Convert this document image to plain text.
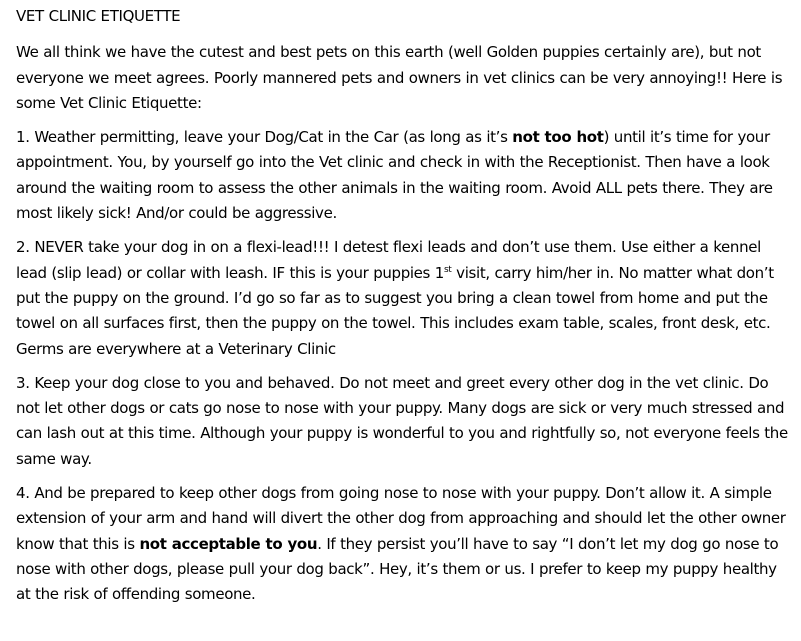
VET CLINIC ETIQUETTE

We all think we have the cutest and best pets on this earth (well Golden puppies certainly are), but not everyone we meet agrees. Poorly mannered pets and owners in vet clinics can be very annoying!! Here is some Vet Clinic Etiquette:

1. Weather permitting, leave your Dog/Cat in the Car (as long as it’s not too hot) until it’s time for your appointment. You, by yourself go into the Vet clinic and check in with the Receptionist. Then have a look around the waiting room to assess the other animals in the waiting room. Avoid ALL pets there. They are most likely sick! And/or could be aggressive.

2. NEVER take your dog in on a flexi-lead!!! I detest flexi leads and don’t use them. Use either a kennel lead (slip lead) or collar with leash. IF this is your puppies 1st visit, carry him/her in. No matter what don’t put the puppy on the ground. I’d go so far as to suggest you bring a clean towel from home and put the towel on all surfaces first, then the puppy on the towel. This includes exam table, scales, front desk, etc. Germs are everywhere at a Veterinary Clinic

3. Keep your dog close to you and behaved. Do not meet and greet every other dog in the vet clinic. Do not let other dogs or cats go nose to nose with your puppy. Many dogs are sick or very much stressed and can lash out at this time. Although your puppy is wonderful to you and rightfully so, not everyone feels the same way.

4. And be prepared to keep other dogs from going nose to nose with your puppy. Don’t allow it. A simple extension of your arm and hand will divert the other dog from approaching and should let the other owner know that this is not acceptable to you. If they persist you’ll have to say “I don’t let my dog go nose to nose with other dogs, please pull your dog back”. Hey, it’s them or us. I prefer to keep my puppy healthy at the risk of offending someone.
